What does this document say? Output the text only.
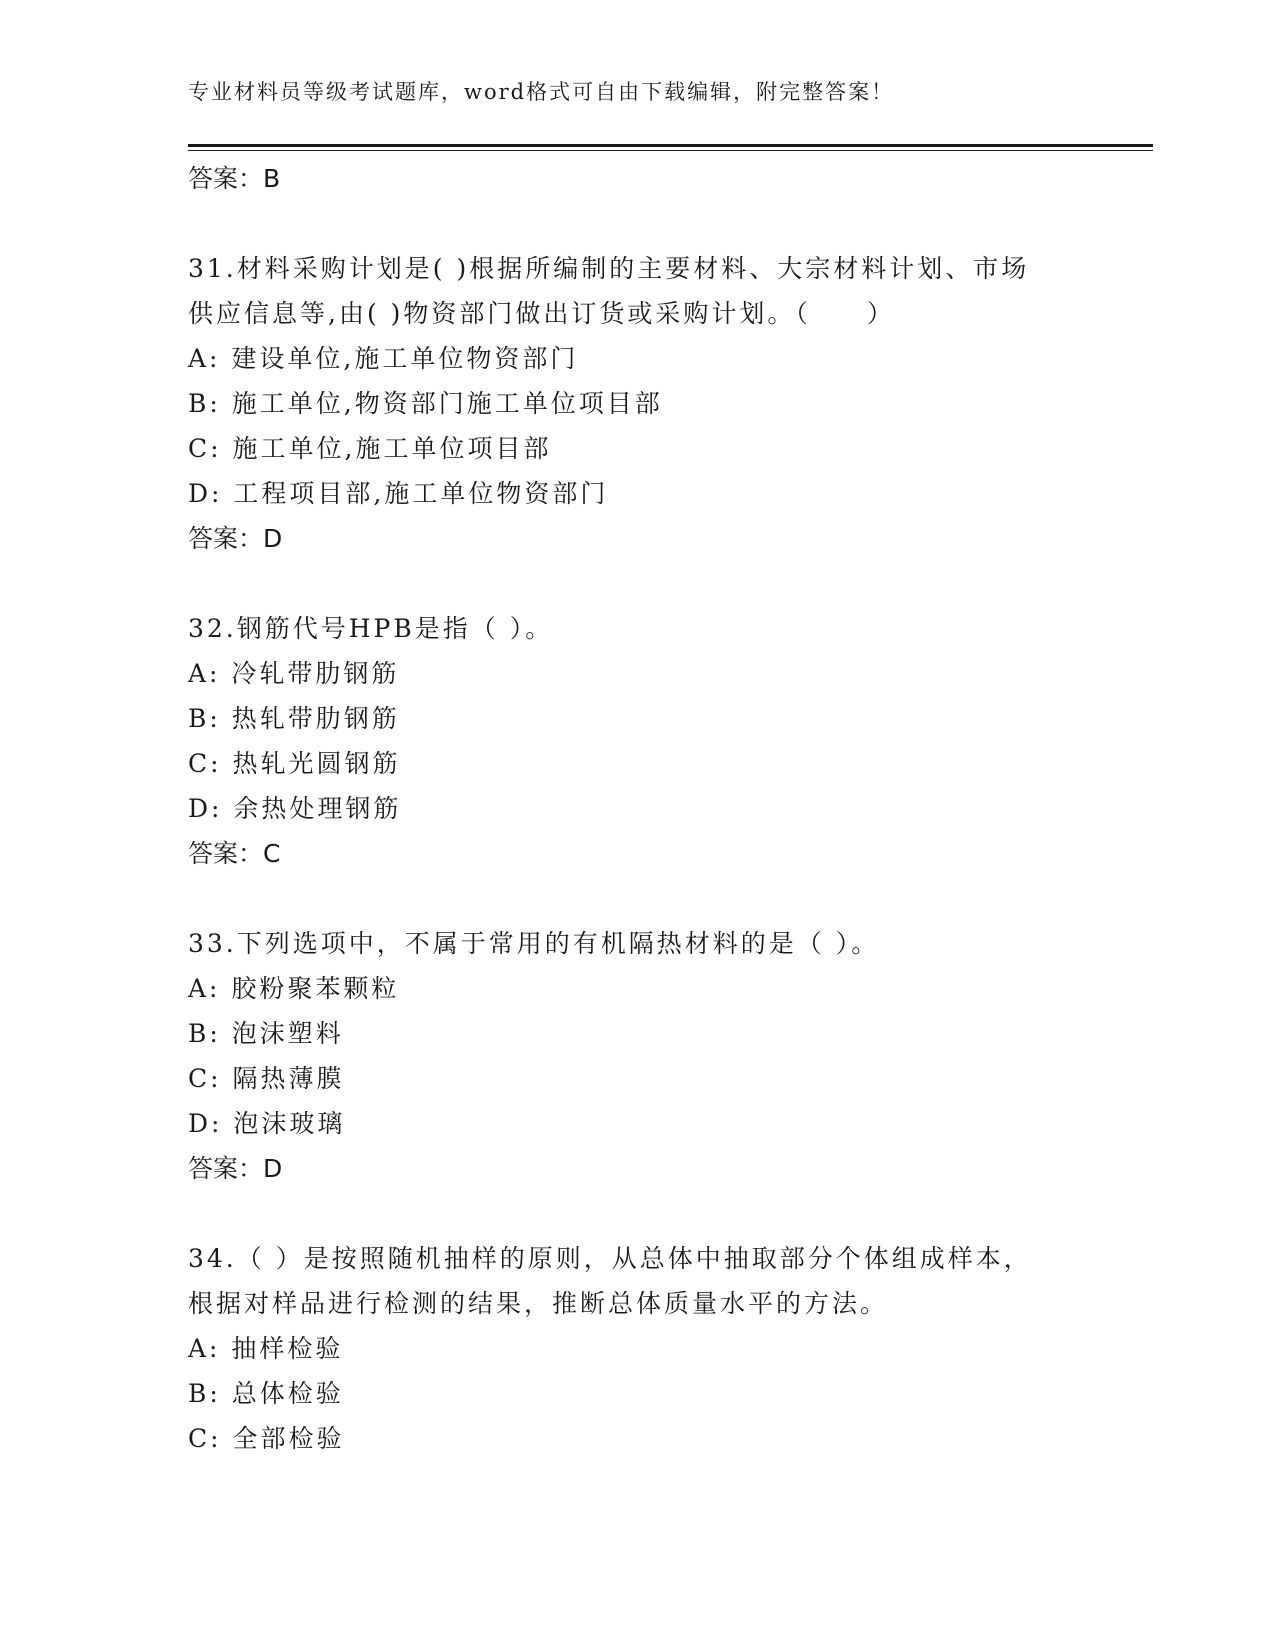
专业材料员等级考试题库，word格式可自由下载编辑，附完整答案！
答案：B
31.材料采购计划是( )根据所编制的主要材料、大宗材料计划、市场
供应信息等,由( )物资部门做出订货或采购计划。（　　）
A: 建设单位,施工单位物资部门
B: 施工单位,物资部门施工单位项目部
C: 施工单位,施工单位项目部
D: 工程项目部,施工单位物资部门
答案：D
32.钢筋代号HPB是指（ ）。
A: 冷轧带肋钢筋
B: 热轧带肋钢筋
C: 热轧光圆钢筋
D: 余热处理钢筋
答案：C
33.下列选项中，不属于常用的有机隔热材料的是（ ）。
A: 胶粉聚苯颗粒
B: 泡沫塑料
C: 隔热薄膜
D: 泡沫玻璃
答案：D
34.（ ）是按照随机抽样的原则，从总体中抽取部分个体组成样本，
根据对样品进行检测的结果，推断总体质量水平的方法。
A: 抽样检验
B: 总体检验
C: 全部检验
